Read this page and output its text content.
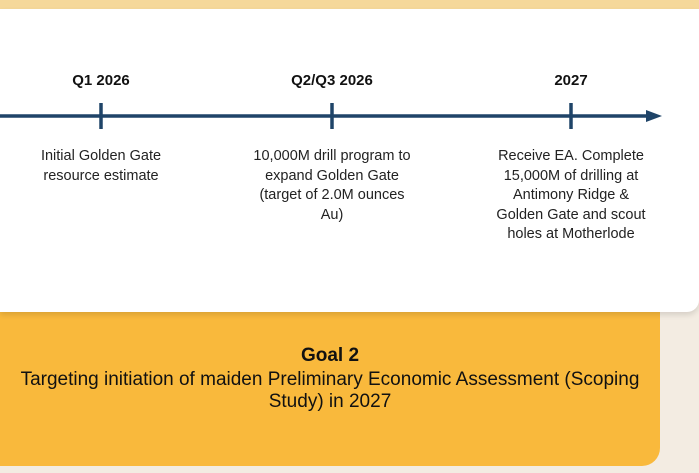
Q1 2026	Q2/Q3 2026	2027
Initial Golden Gate resource estimate
10,000M drill program to expand Golden Gate (target of 2.0M ounces Au)
Receive EA. Complete 15,000M of drilling at Antimony Ridge & Golden Gate and scout holes at Motherlode
Goal 2
Targeting initiation of maiden Preliminary Economic Assessment (Scoping Study) in 2027
